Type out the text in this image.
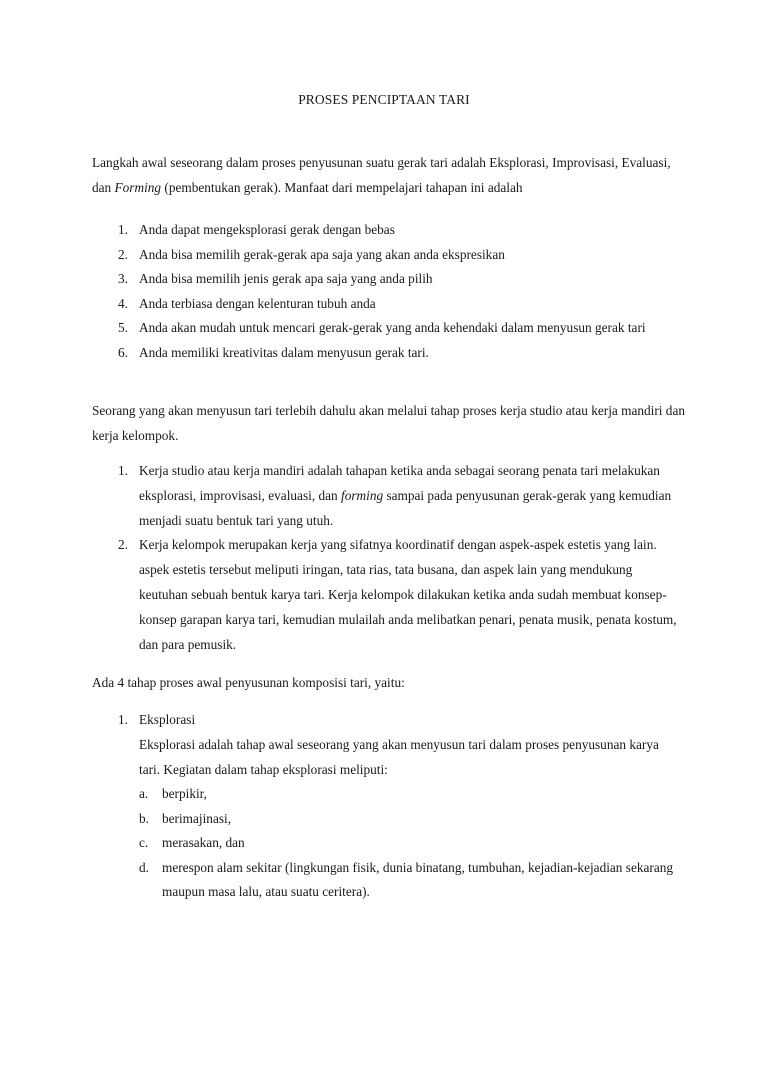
PROSES PENCIPTAAN TARI

Langkah awal seseorang dalam proses penyusunan suatu gerak tari adalah Eksplorasi, Improvisasi, Evaluasi, dan Forming (pembentukan gerak). Manfaat dari mempelajari tahapan ini adalah

1. Anda dapat mengeksplorasi gerak dengan bebas
2. Anda bisa memilih gerak-gerak apa saja yang akan anda ekspresikan
3. Anda bisa memilih jenis gerak apa saja yang anda pilih
4. Anda terbiasa dengan kelenturan tubuh anda
5. Anda akan mudah untuk mencari gerak-gerak yang anda kehendaki dalam menyusun gerak tari
6. Anda memiliki kreativitas dalam menyusun gerak tari.

Seorang yang akan menyusun tari terlebih dahulu akan melalui tahap proses kerja studio atau kerja mandiri dan kerja kelompok.

1. Kerja studio atau kerja mandiri adalah tahapan ketika anda sebagai seorang penata tari melakukan eksplorasi, improvisasi, evaluasi, dan forming sampai pada penyusunan gerak-gerak yang kemudian menjadi suatu bentuk tari yang utuh.
2. Kerja kelompok merupakan kerja yang sifatnya koordinatif dengan aspek-aspek estetis yang lain. aspek estetis tersebut meliputi iringan, tata rias, tata busana, dan aspek lain yang mendukung keutuhan sebuah bentuk karya tari. Kerja kelompok dilakukan ketika anda sudah membuat konsep-konsep garapan karya tari, kemudian mulailah anda melibatkan penari, penata musik, penata kostum, dan para pemusik.

Ada 4 tahap proses awal penyusunan komposisi tari, yaitu:

1. Eksplorasi
Eksplorasi adalah tahap awal seseorang yang akan menyusun tari dalam proses penyusunan karya tari. Kegiatan dalam tahap eksplorasi meliputi:
a. berpikir,
b. berimajinasi,
c. merasakan, dan
d. merespon alam sekitar (lingkungan fisik, dunia binatang, tumbuhan, kejadian-kejadian sekarang maupun masa lalu, atau suatu ceritera).
